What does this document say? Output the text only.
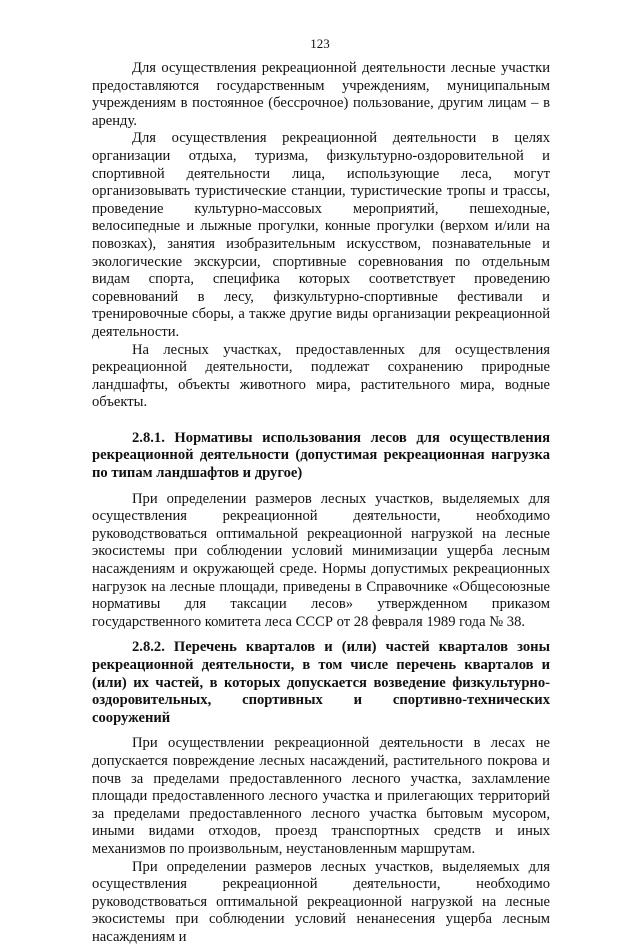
123

Для осуществления рекреационной деятельности лесные участки предоставляются государственным учреждениям, муниципальным учреждениям в постоянное (бессрочное) пользование, другим лицам – в аренду.

Для осуществления рекреационной деятельности в целях организации отдыха, туризма, физкультурно-оздоровительной и спортивной деятельности лица, использующие леса, могут организовывать туристические станции, туристические тропы и трассы, проведение культурно-массовых мероприятий, пешеходные, велосипедные и лыжные прогулки, конные прогулки (верхом и/или на повозках), занятия изобразительным искусством, познавательные и экологические экскурсии, спортивные соревнования по отдельным видам спорта, специфика которых соответствует проведению соревнований в лесу, физкультурно-спортивные фестивали и тренировочные сборы, а также другие виды организации рекреационной деятельности.

На лесных участках, предоставленных для осуществления рекреационной деятельности, подлежат сохранению природные ландшафты, объекты животного мира, растительного мира, водные объекты.

2.8.1. Нормативы использования лесов для осуществления рекреационной деятельности (допустимая рекреационная нагрузка по типам ландшафтов и другое)

При определении размеров лесных участков, выделяемых для осуществления рекреационной деятельности, необходимо руководствоваться оптимальной рекреационной нагрузкой на лесные экосистемы при соблюдении условий минимизации ущерба лесным насаждениям и окружающей среде. Нормы допустимых рекреационных нагрузок на лесные площади, приведены в Справочнике «Общесоюзные нормативы для таксации лесов» утвержденном приказом государственного комитета леса СССР от 28 февраля 1989 года № 38.

2.8.2. Перечень кварталов и (или) частей кварталов зоны рекреационной деятельности, в том числе перечень кварталов и (или) их частей, в которых допускается возведение физкультурно-оздоровительных, спортивных и спортивно-технических сооружений

При осуществлении рекреационной деятельности в лесах не допускается повреждение лесных насаждений, растительного покрова и почв за пределами предоставленного лесного участка, захламление площади предоставленного лесного участка и прилегающих территорий за пределами предоставленного лесного участка бытовым мусором, иными видами отходов, проезд транспортных средств и иных механизмов по произвольным, неустановленным маршрутам.

При определении размеров лесных участков, выделяемых для осуществления рекреационной деятельности, необходимо руководствоваться оптимальной рекреационной нагрузкой на лесные экосистемы при соблюдении условий ненанесения ущерба лесным насаждениям и
